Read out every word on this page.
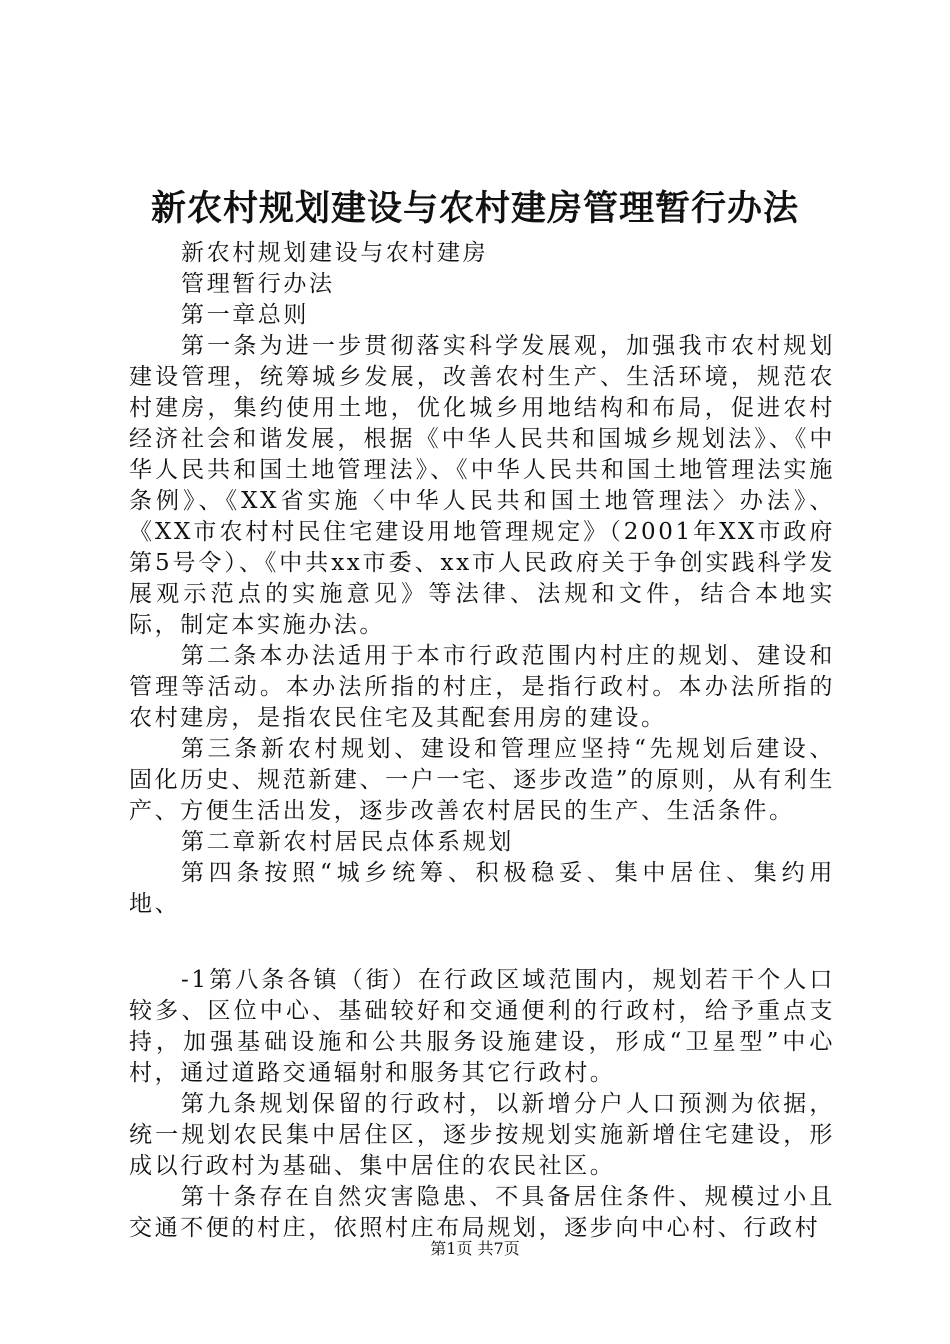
新农村规划建设与农村建房管理暂行办法

新农村规划建设与农村建房

管理暂行办法

第一章总则

第一条为进一步贯彻落实科学发展观，加强我市农村规划建设管理，统筹城乡发展，改善农村生产、生活环境，规范农村建房，集约使用土地，优化城乡用地结构和布局，促进农村经济社会和谐发展，根据《中华人民共和国城乡规划法》、《中华人民共和国土地管理法》、《中华人民共和国土地管理法实施条例》、《XX省实施〈中华人民共和国土地管理法〉办法》、《XX市农村村民住宅建设用地管理规定》（2001年XX市政府第5号令）、《中共xx市委、xx市人民政府关于争创实践科学发展观示范点的实施意见》等法律、法规和文件，结合本地实际，制定本实施办法。

第二条本办法适用于本市行政范围内村庄的规划、建设和管理等活动。本办法所指的村庄，是指行政村。本办法所指的农村建房，是指农民住宅及其配套用房的建设。

第三条新农村规划、建设和管理应坚持“先规划后建设、固化历史、规范新建、一户一宅、逐步改造”的原则，从有利生产、方便生活出发，逐步改善农村居民的生产、生活条件。

第二章新农村居民点体系规划

第四条按照“城乡统筹、积极稳妥、集中居住、集约用地、

-1第八条各镇（街）在行政区域范围内，规划若干个人口较多、区位中心、基础较好和交通便利的行政村，给予重点支持，加强基础设施和公共服务设施建设，形成“卫星型”中心村，通过道路交通辐射和服务其它行政村。

第九条规划保留的行政村，以新增分户人口预测为依据，统一规划农民集中居住区，逐步按规划实施新增住宅建设，形成以行政村为基础、集中居住的农民社区。

第十条存在自然灾害隐患、不具备居住条件、规模过小且交通不便的村庄，依照村庄布局规划，逐步向中心村、行政村

第1页 共7页
